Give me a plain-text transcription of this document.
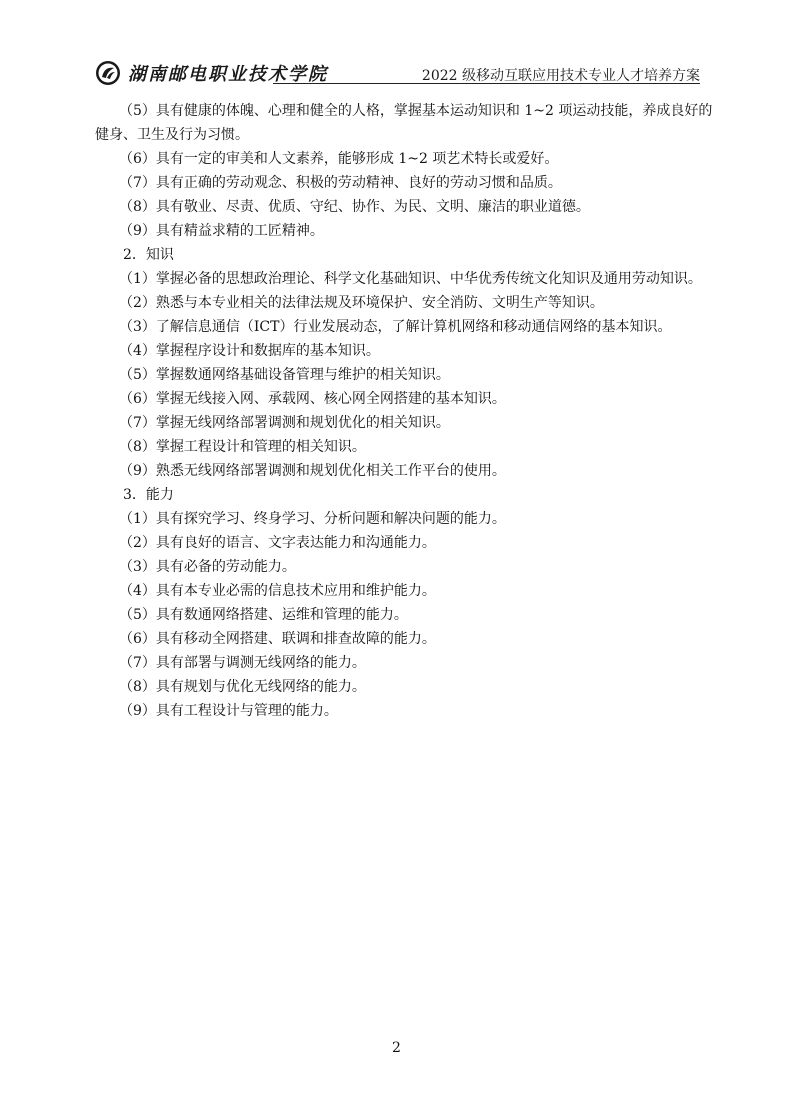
湖南邮电职业技术学院	2022 级移动互联应用技术专业人才培养方案
（5）具有健康的体魄、心理和健全的人格，掌握基本运动知识和 1~2 项运动技能，养成良好的
健身、卫生及行为习惯。
（6）具有一定的审美和人文素养，能够形成 1~2 项艺术特长或爱好。
（7）具有正确的劳动观念、积极的劳动精神、良好的劳动习惯和品质。
（8）具有敬业、尽责、优质、守纪、协作、为民、文明、廉洁的职业道德。
（9）具有精益求精的工匠精神。
2．知识
（1）掌握必备的思想政治理论、科学文化基础知识、中华优秀传统文化知识及通用劳动知识。
（2）熟悉与本专业相关的法律法规及环境保护、安全消防、文明生产等知识。
（3）了解信息通信（ICT）行业发展动态，了解计算机网络和移动通信网络的基本知识。
（4）掌握程序设计和数据库的基本知识。
（5）掌握数通网络基础设备管理与维护的相关知识。
（6）掌握无线接入网、承载网、核心网全网搭建的基本知识。
（7）掌握无线网络部署调测和规划优化的相关知识。
（8）掌握工程设计和管理的相关知识。
（9）熟悉无线网络部署调测和规划优化相关工作平台的使用。
3．能力
（1）具有探究学习、终身学习、分析问题和解决问题的能力。
（2）具有良好的语言、文字表达能力和沟通能力。
（3）具有必备的劳动能力。
（4）具有本专业必需的信息技术应用和维护能力。
（5）具有数通网络搭建、运维和管理的能力。
（6）具有移动全网搭建、联调和排查故障的能力。
（7）具有部署与调测无线网络的能力。
（8）具有规划与优化无线网络的能力。
（9）具有工程设计与管理的能力。
2
